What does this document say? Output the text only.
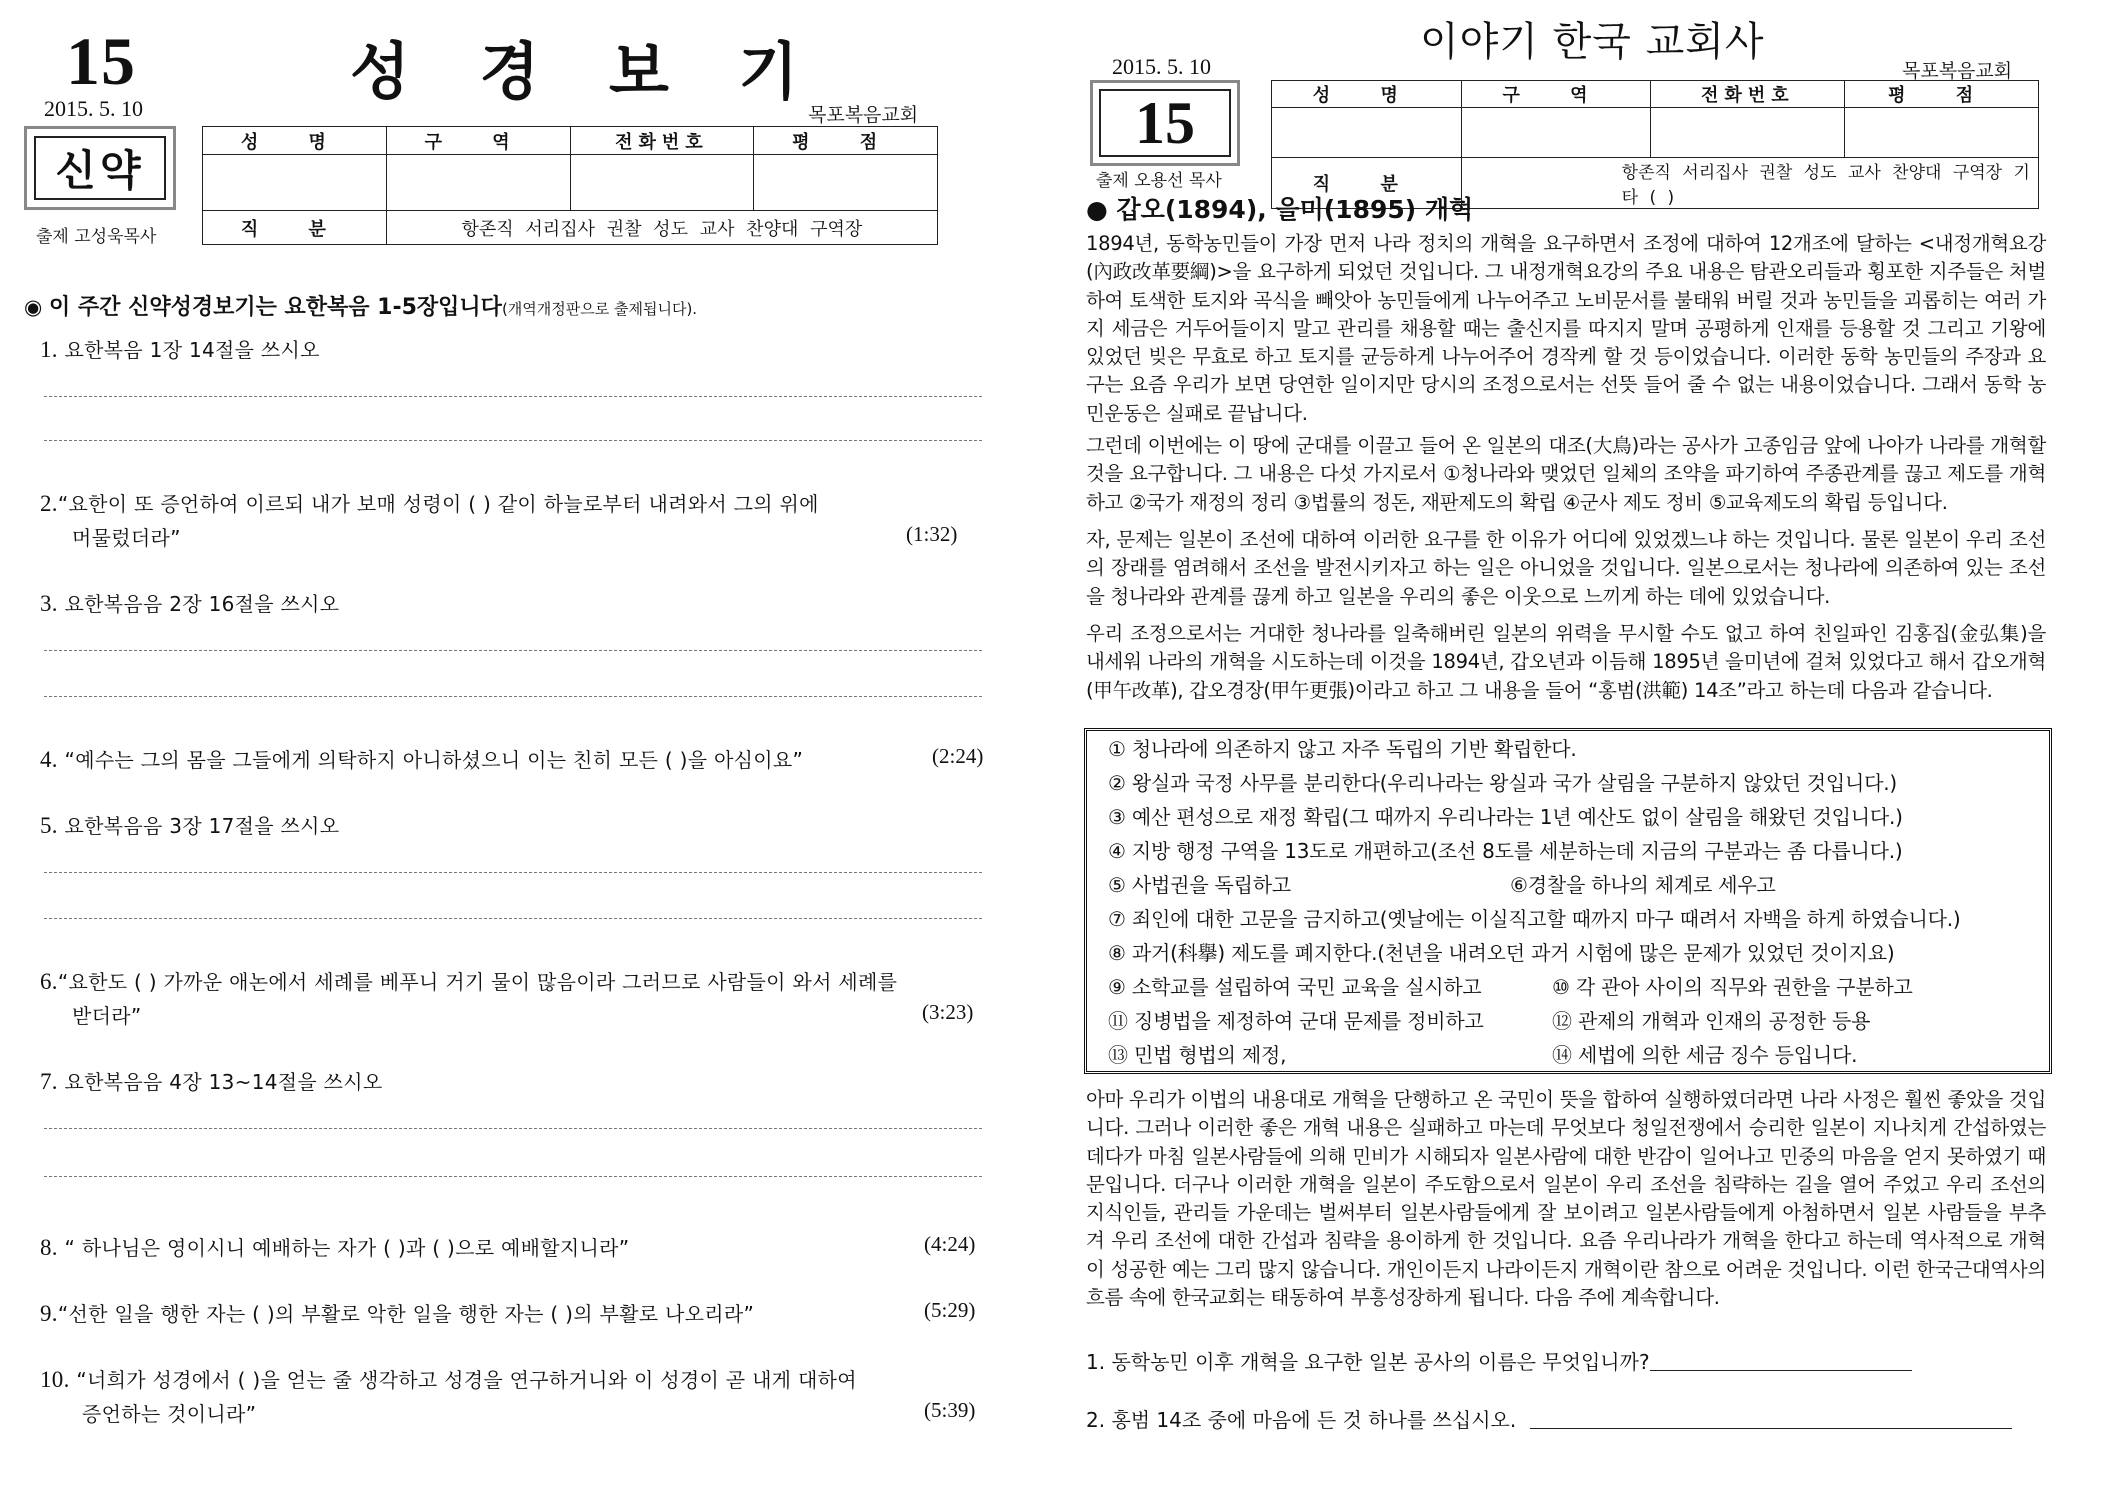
15	성 경 보 기
2015. 5. 10	목포복음교회
신약
출제 고성욱목사
성 명	구 역	전화번호	평 점

직 분	항존직 서리집사 권찰 성도 교사 찬양대 구역장		
◉ 이 주간 신약성경보기는 요한복음 1-5장입니다(개역개정판으로 출제됩니다).
1. 요한복음 1장 14절을 쓰시오
2.“요한이 또 증언하여 이르되 내가 보매 성령이 ( ) 같이 하늘로부터 내려와서 그의 위에
머물렀더라”	(1:32)
3. 요한복음음 2장 16절을 쓰시오
4. “예수는 그의 몸을 그들에게 의탁하지 아니하셨으니 이는 친히 모든 ( )을 아심이요”	(2:24)
5. 요한복음음 3장 17절을 쓰시오
6.“요한도 ( ) 가까운 애논에서 세례를 베푸니 거기 물이 많음이라 그러므로 사람들이 와서 세례를
받더라”	(3:23)
7. 요한복음음 4장 13~14절을 쓰시오
8. “ 하나님은 영이시니 예배하는 자가 ( )과 ( )으로 예배할지니라”	(4:24)
9.“선한 일을 행한 자는 ( )의 부활로 악한 일을 행한 자는 ( )의 부활로 나오리라”	(5:29)
10. “너희가 성경에서 ( )을 얻는 줄 생각하고 성경을 연구하거니와 이 성경이 곧 내게 대하여
증언하는 것이니라”	(5:39)
이야기 한국 교회사
2015. 5. 10	목포복음교회
15
출제 오용선 목사
성 명	구 역	전화번호	평 점

직 분	항존직 서리집사 권찰 성도 교사 찬양대 구역장 기타 ( )		
● 갑오(1894), 을미(1895) 개혁
1894년, 동학농민들이 가장 먼저 나라 정치의 개혁을 요구하면서 조정에 대하여 12개조에 달하는 <내정개혁요강(內政改革要綱)>을 요구하게 되었던 것입니다. 그 내정개혁요강의 주요 내용은 탐관오리들과 횡포한 지주들은 처벌하여 토색한 토지와 곡식을 빼앗아 농민들에게 나누어주고 노비문서를 불태워 버릴 것과 농민들을 괴롭히는 여러 가지 세금은 거두어들이지 말고 관리를 채용할 때는 출신지를 따지지 말며 공평하게 인재를 등용할 것 그리고 기왕에 있었던 빚은 무효로 하고 토지를 균등하게 나누어주어 경작케 할 것 등이었습니다. 이러한 동학 농민들의 주장과 요구는 요즘 우리가 보면 당연한 일이지만 당시의 조정으로서는 선뜻 들어 줄 수 없는 내용이었습니다. 그래서 동학 농민운동은 실패로 끝납니다.
그런데 이번에는 이 땅에 군대를 이끌고 들어 온 일본의 대조(大鳥)라는 공사가 고종임금 앞에 나아가 나라를 개혁할 것을 요구합니다. 그 내용은 다섯 가지로서 ①청나라와 맺었던 일체의 조약을 파기하여 주종관계를 끊고 제도를 개혁하고 ②국가 재정의 정리 ③법률의 정돈, 재판제도의 확립 ④군사 제도 정비 ⑤교육제도의 확립 등입니다.
자, 문제는 일본이 조선에 대하여 이러한 요구를 한 이유가 어디에 있었겠느냐 하는 것입니다. 물론 일본이 우리 조선의 장래를 염려해서 조선을 발전시키자고 하는 일은 아니었을 것입니다. 일본으로서는 청나라에 의존하여 있는 조선을 청나라와 관계를 끊게 하고 일본을 우리의 좋은 이웃으로 느끼게 하는 데에 있었습니다.
우리 조정으로서는 거대한 청나라를 일축해버린 일본의 위력을 무시할 수도 없고 하여 친일파인 김홍집(金弘集)을 내세워 나라의 개혁을 시도하는데 이것을 1894년, 갑오년과 이듬해 1895년 을미년에 걸쳐 있었다고 해서 갑오개혁(甲午改革), 갑오경장(甲午更張)이라고 하고 그 내용을 들어 “홍범(洪範) 14조”라고 하는데 다음과 같습니다.
① 청나라에 의존하지 않고 자주 독립의 기반 확립한다.
② 왕실과 국정 사무를 분리한다(우리나라는 왕실과 국가 살림을 구분하지 않았던 것입니다.)
③ 예산 편성으로 재정 확립(그 때까지 우리나라는 1년 예산도 없이 살림을 해왔던 것입니다.)
④ 지방 행정 구역을 13도로 개편하고(조선 8도를 세분하는데 지금의 구분과는 좀 다릅니다.)
⑤ 사법권을 독립하고	⑥경찰을 하나의 체계로 세우고
⑦ 죄인에 대한 고문을 금지하고(옛날에는 이실직고할 때까지 마구 때려서 자백을 하게 하였습니다.)
⑧ 과거(科擧) 제도를 폐지한다.(천년을 내려오던 과거 시험에 많은 문제가 있었던 것이지요)
⑨ 소학교를 설립하여 국민 교육을 실시하고	⑩ 각 관아 사이의 직무와 권한을 구분하고
⑪ 징병법을 제정하여 군대 문제를 정비하고	⑫ 관제의 개혁과 인재의 공정한 등용
⑬ 민법 형법의 제정,	⑭ 세법에 의한 세금 징수 등입니다.
아마 우리가 이법의 내용대로 개혁을 단행하고 온 국민이 뜻을 합하여 실행하였더라면 나라 사정은 훨씬 좋았을 것입니다. 그러나 이러한 좋은 개혁 내용은 실패하고 마는데 무엇보다 청일전쟁에서 승리한 일본이 지나치게 간섭하였는데다가 마침 일본사람들에 의해 민비가 시해되자 일본사람에 대한 반감이 일어나고 민중의 마음을 얻지 못하였기 때문입니다. 더구나 이러한 개혁을 일본이 주도함으로서 일본이 우리 조선을 침략하는 길을 열어 주었고 우리 조선의 지식인들, 관리들 가운데는 벌써부터 일본사람들에게 잘 보이려고 일본사람들에게 아첨하면서 일본 사람들을 부추겨 우리 조선에 대한 간섭과 침략을 용이하게 한 것입니다. 요즘 우리나라가 개혁을 한다고 하는데 역사적으로 개혁이 성공한 예는 그리 많지 않습니다. 개인이든지 나라이든지 개혁이란 참으로 어려운 것입니다. 이런 한국근대역사의 흐름 속에 한국교회는 태동하여 부흥성장하게 됩니다. 다음 주에 계속합니다.
1. 동학농민 이후 개혁을 요구한 일본 공사의 이름은 무엇입니까?
2. 홍범 14조 중에 마음에 든 것 하나를 쓰십시오.
